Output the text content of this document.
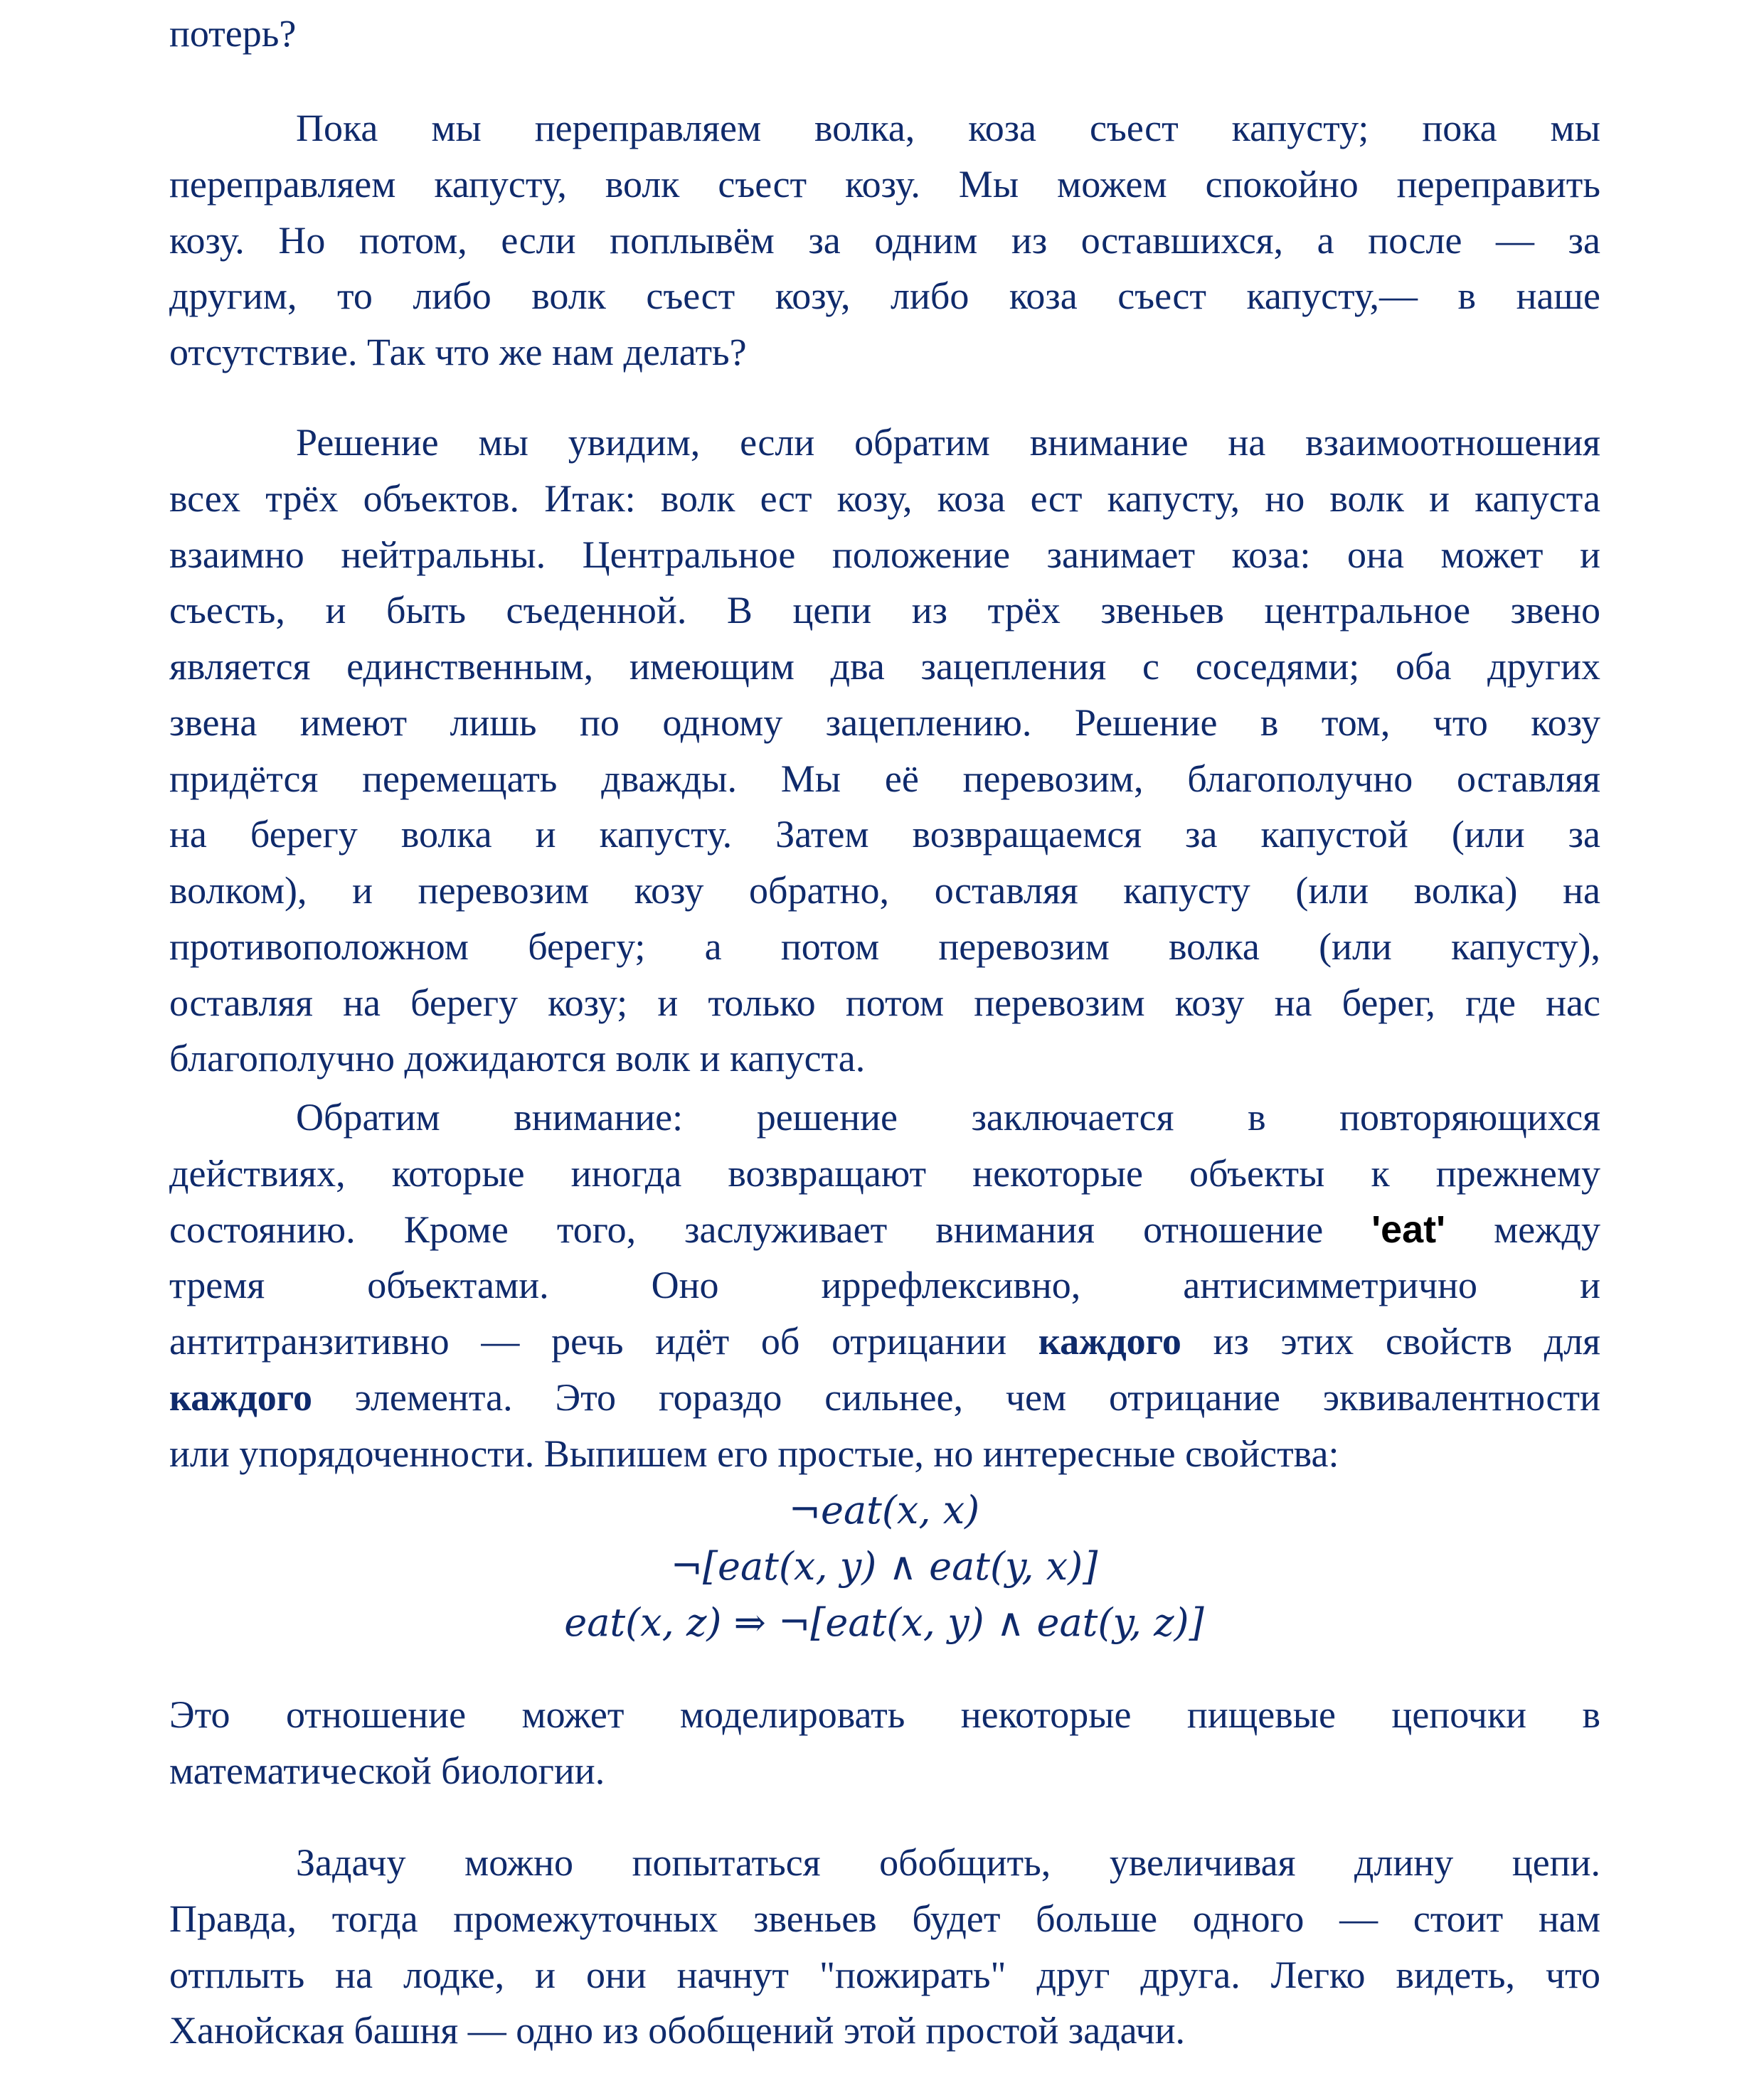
потерь?
Пока мы переправляем волка, коза съест капусту; пока мы
переправляем капусту, волк съест козу. Мы можем спокойно переправить
козу. Но потом, если поплывём за одним из оставшихся, а после — за
другим, то либо волк съест козу, либо коза съест капусту,— в наше
отсутствие. Так что же нам делать?
Решение мы увидим, если обратим внимание на взаимоотношения
всех трёх объектов. Итак: волк ест козу, коза ест капусту, но волк и капуста
взаимно нейтральны. Центральное положение занимает коза: она может и
съесть, и быть съеденной. В цепи из трёх звеньев центральное звено
является единственным, имеющим два зацепления с соседями; оба других
звена имеют лишь по одному зацеплению. Решение в том, что козу
придётся перемещать дважды. Мы её перевозим, благополучно оставляя
на берегу волка и капусту. Затем возвращаемся за капустой (или за
волком), и перевозим козу обратно, оставляя капусту (или волка) на
противоположном берегу; а потом перевозим волка (или капусту),
оставляя на берегу козу; и только потом перевозим козу на берег, где нас
благополучно дожидаются волк и капуста.
Обратим внимание: решение заключается в повторяющихся
действиях, которые иногда возвращают некоторые объекты к прежнему
состоянию. Кроме того, заслуживает внимания отношение 'eat' между
тремя объектами. Оно иррефлексивно, антисимметрично и
антитранзитивно — речь идёт об отрицании каждого из этих свойств для
каждого элемента. Это гораздо сильнее, чем отрицание эквивалентности
или упорядоченности. Выпишем его простые, но интересные свойства:
Это отношение может моделировать некоторые пищевые цепочки в
математической биологии.
Задачу можно попытаться обобщить, увеличивая длину цепи.
Правда, тогда промежуточных звеньев будет больше одного — стоит нам
отплыть на лодке, и они начнут "пожирать" друг друга. Легко видеть, что
Ханойская башня — одно из обобщений этой простой задачи.
¬eat(x, x)
¬[eat(x, y) ∧ eat(y, x)]
eat(x, z) ⇒ ¬[eat(x, y) ∧ eat(y, z)]
